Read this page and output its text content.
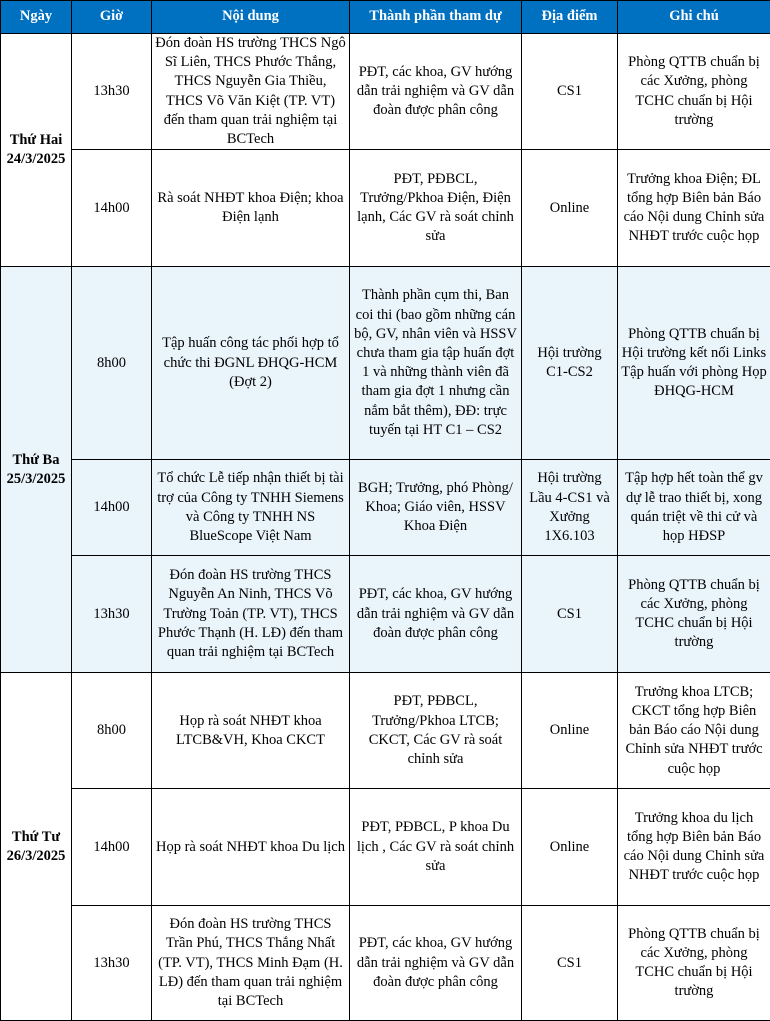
Ngày	Giờ	Nội dung	Thành phần tham dự	Địa điểm	Ghi chú

Thứ Hai
24/3/2025	13h30	Đón đoàn HS trường THCS Ngô Sĩ Liên, THCS Phước Thắng, THCS Nguyễn Gia Thiều, THCS Võ Văn Kiệt (TP. VT) đến tham quan trải nghiệm tại BCTech	PĐT, các khoa, GV hướng dẫn trải nghiệm và GV dẫn đoàn được phân công	CS1	Phòng QTTB chuẩn bị các Xưởng, phòng TCHC chuẩn bị Hội trường
	14h00	Rà soát NHĐT khoa Điện; khoa Điện lạnh	PĐT, PĐBCL, Trưởng/Pkhoa Điện, Điện lạnh, Các GV rà soát chỉnh sửa	Online	Trưởng khoa Điện; ĐL tổng hợp Biên bản Báo cáo Nội dung Chỉnh sửa NHĐT trước cuộc họp

Thứ Ba
25/3/2025	8h00	Tập huấn công tác phối hợp tổ chức thi ĐGNL ĐHQG-HCM (Đợt 2)	Thành phần cụm thi, Ban coi thi (bao gồm những cán bộ, GV, nhân viên và HSSV chưa tham gia tập huấn đợt 1 và những thành viên đã tham gia đợt 1 nhưng cần nắm bắt thêm), ĐĐ: trực tuyến tại HT C1 – CS2	Hội trường C1-CS2	Phòng QTTB chuẩn bị Hội trường kết nối Links Tập huấn với phòng Họp ĐHQG-HCM
	14h00	Tổ chức Lễ tiếp nhận thiết bị tài trợ của Công ty TNHH Siemens và Công ty TNHH NS BlueScope Việt Nam	BGH; Trưởng, phó Phòng/ Khoa; Giáo viên, HSSV Khoa Điện	Hội trường Lầu 4-CS1 và Xưởng 1X6.103	Tập hợp hết toàn thể gv dự lễ trao thiết bị, xong quán triệt về thi cử và họp HĐSP
	13h30	Đón đoàn HS trường THCS Nguyễn An Ninh, THCS Võ Trường Toản (TP. VT), THCS Phước Thạnh (H. LĐ) đến tham quan trải nghiệm tại BCTech	PĐT, các khoa, GV hướng dẫn trải nghiệm và GV dẫn đoàn được phân công	CS1	Phòng QTTB chuẩn bị các Xưởng, phòng TCHC chuẩn bị Hội trường

Thứ Tư
26/3/2025	8h00	Họp rà soát NHĐT khoa LTCB&VH, Khoa CKCT	PĐT, PĐBCL, Trưởng/Pkhoa LTCB; CKCT, Các GV rà soát chỉnh sửa	Online	Trưởng khoa LTCB; CKCT tổng hợp Biên bản Báo cáo Nội dung Chỉnh sửa NHĐT trước cuộc họp
	14h00	Họp rà soát NHĐT khoa Du lịch	PĐT, PĐBCL, P khoa Du lịch , Các GV rà soát chỉnh sửa	Online	Trưởng khoa du lịch tổng hợp Biên bản Báo cáo Nội dung Chỉnh sửa NHĐT trước cuộc họp
	13h30	Đón đoàn HS trường THCS Trần Phú, THCS Thắng Nhất (TP. VT), THCS Minh Đạm (H. LĐ) đến tham quan trải nghiệm tại BCTech	PĐT, các khoa, GV hướng dẫn trải nghiệm và GV dẫn đoàn được phân công	CS1	Phòng QTTB chuẩn bị các Xưởng, phòng TCHC chuẩn bị Hội trường
